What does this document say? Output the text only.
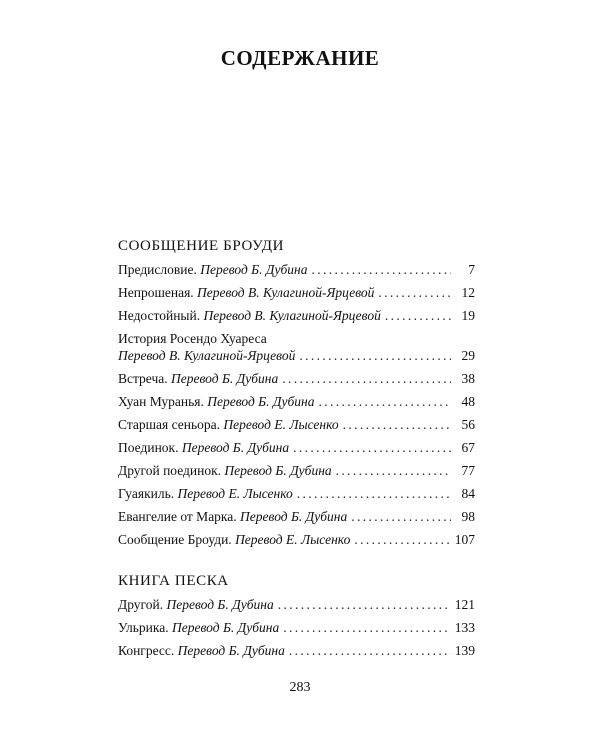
СОДЕРЖАНИЕ
СООБЩЕНИЕ БРОУДИ
Предисловие. Перевод Б. Дубина . . .	7
Непрошеная. Перевод В. Кулагиной-Ярцевой . . .	12
Недостойный. Перевод В. Кулагиной-Ярцевой . . .	19
История Росендо Хуареса
Перевод В. Кулагиной-Ярцевой . . .	29
Встреча. Перевод Б. Дубина . . .	38
Хуан Муранья. Перевод Б. Дубина . . .	48
Старшая сеньора. Перевод Е. Лысенко . . .	56
Поединок. Перевод Б. Дубина . . .	67
Другой поединок. Перевод Б. Дубина . . .	77
Гуаякиль. Перевод Е. Лысенко . . .	84
Евангелие от Марка. Перевод Б. Дубина . . .	98
Сообщение Броуди. Перевод Е. Лысенко . . .	107
КНИГА ПЕСКА
Другой. Перевод Б. Дубина . . .	121
Ульрика. Перевод Б. Дубина . . .	133
Конгресс. Перевод Б. Дубина . . .	139
283
